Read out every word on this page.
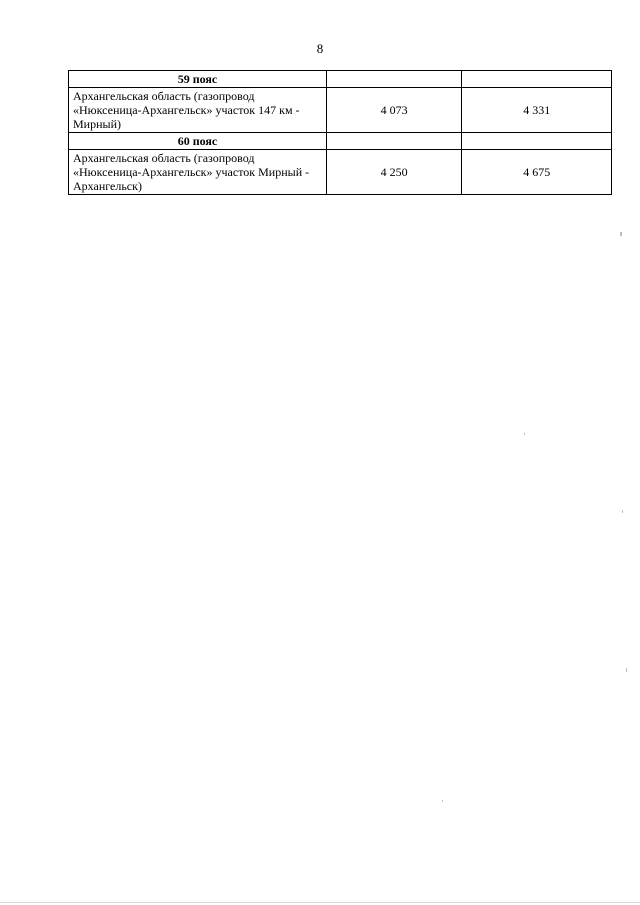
8
59 пояс		
Архангельская область (газопровод «Нюксеница-Архангельск» участок 147 км - Мирный)	4 073	4 331
60 пояс		
Архангельская область (газопровод «Нюксеница-Архангельск» участок Мирный - Архангельск)	4 250	4 675
